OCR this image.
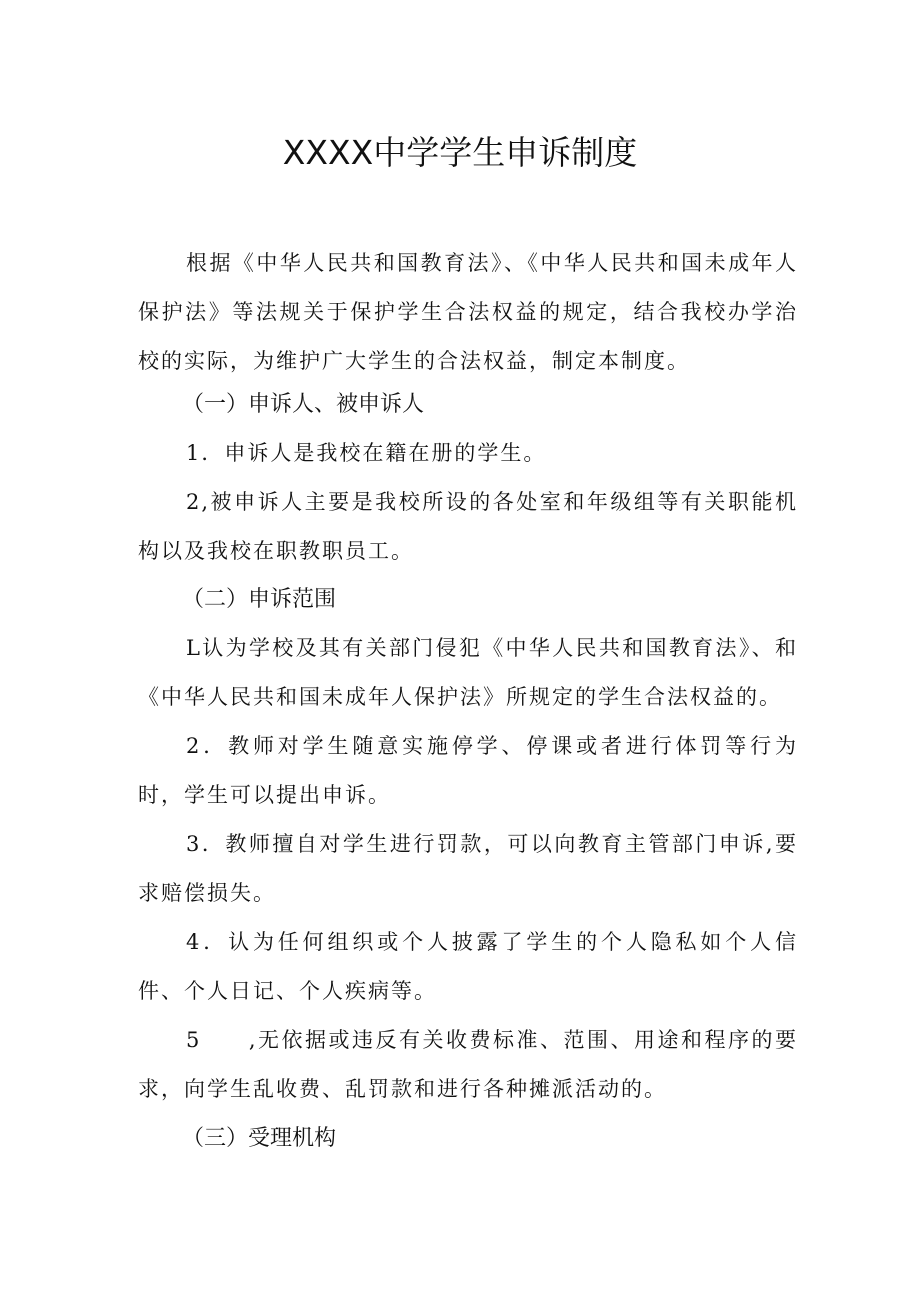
XXXX中学学生申诉制度
根据《中华人民共和国教育法》、《中华人民共和国未成年人保护法》等法规关于保护学生合法权益的规定，结合我校办学治校的实际，为维护广大学生的合法权益，制定本制度。
（一）申诉人、被申诉人
1．申诉人是我校在籍在册的学生。
2,被申诉人主要是我校所设的各处室和年级组等有关职能机构以及我校在职教职员工。
（二）申诉范围
L认为学校及其有关部门侵犯《中华人民共和国教育法》、和《中华人民共和国未成年人保护法》所规定的学生合法权益的。
2．教师对学生随意实施停学、停课或者进行体罚等行为时，学生可以提出申诉。
3．教师擅自对学生进行罚款，可以向教育主管部门申诉,要求赔偿损失。
4．认为任何组织或个人披露了学生的个人隐私如个人信件、个人日记、个人疾病等。
5　　,无依据或违反有关收费标准、范围、用途和程序的要求，向学生乱收费、乱罚款和进行各种摊派活动的。
（三）受理机构
